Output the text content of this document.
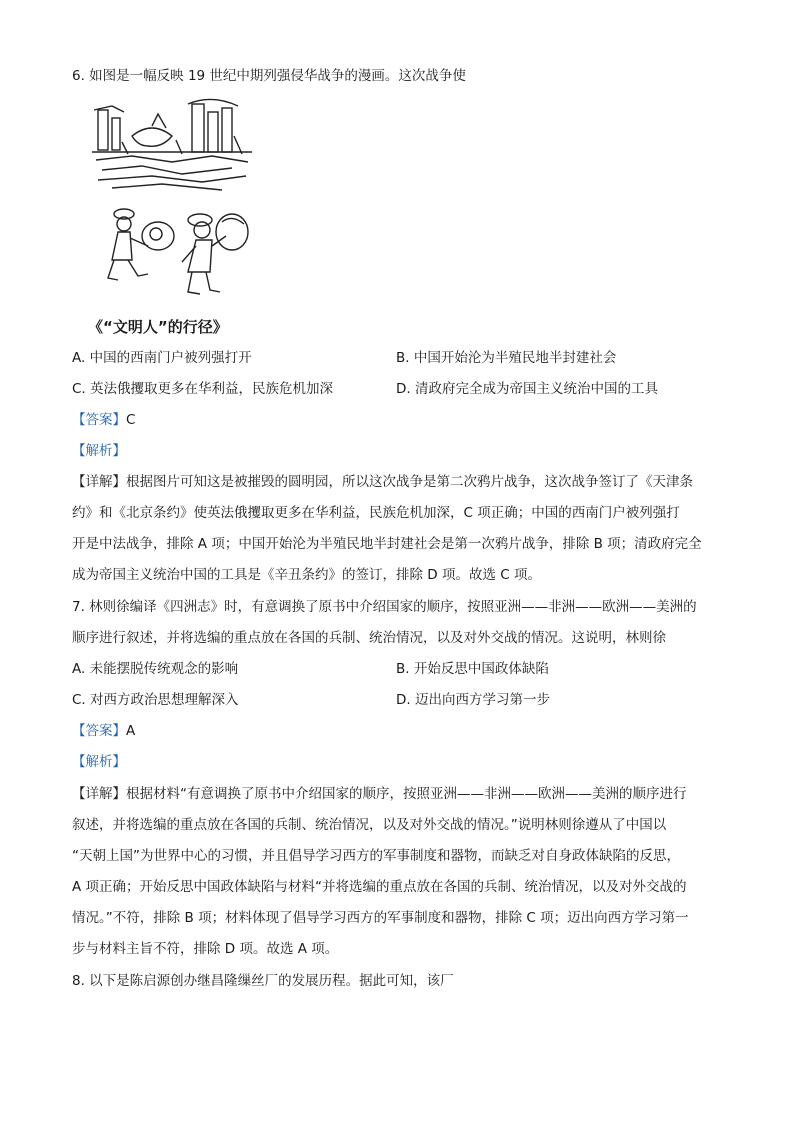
6. 如图是一幅反映 19 世纪中期列强侵华战争的漫画。这次战争使
《“文明人”的行径》
A. 中国的西南门户被列强打开	B. 中国开始沦为半殖民地半封建社会
C. 英法俄攫取更多在华利益，民族危机加深	D. 清政府完全成为帝国主义统治中国的工具
【答案】C
【解析】
【详解】根据图片可知这是被摧毁的圆明园，所以这次战争是第二次鸦片战争，这次战争签订了《天津条
约》和《北京条约》使英法俄攫取更多在华利益，民族危机加深，C 项正确；中国的西南门户被列强打
开是中法战争，排除 A 项；中国开始沦为半殖民地半封建社会是第一次鸦片战争，排除 B 项；清政府完全
成为帝国主义统治中国的工具是《辛丑条约》的签订，排除 D 项。故选 C 项。
7. 林则徐编译《四洲志》时，有意调换了原书中介绍国家的顺序，按照亚洲——非洲——欧洲——美洲的
顺序进行叙述，并将选编的重点放在各国的兵制、统治情况，以及对外交战的情况。这说明，林则徐
A. 未能摆脱传统观念的影响	B. 开始反思中国政体缺陷
C. 对西方政治思想理解深入	D. 迈出向西方学习第一步
【答案】A
【解析】
【详解】根据材料“有意调换了原书中介绍国家的顺序，按照亚洲——非洲——欧洲——美洲的顺序进行
叙述，并将选编的重点放在各国的兵制、统治情况，以及对外交战的情况。”说明林则徐遵从了中国以
“天朝上国”为世界中心的习惯，并且倡导学习西方的军事制度和器物，而缺乏对自身政体缺陷的反思，
A 项正确；开始反思中国政体缺陷与材料“并将选编的重点放在各国的兵制、统治情况，以及对外交战的
情况。”不符，排除 B 项；材料体现了倡导学习西方的军事制度和器物，排除 C 项；迈出向西方学习第一
步与材料主旨不符，排除 D 项。故选 A 项。
8. 以下是陈启源创办继昌隆缫丝厂的发展历程。据此可知，该厂
